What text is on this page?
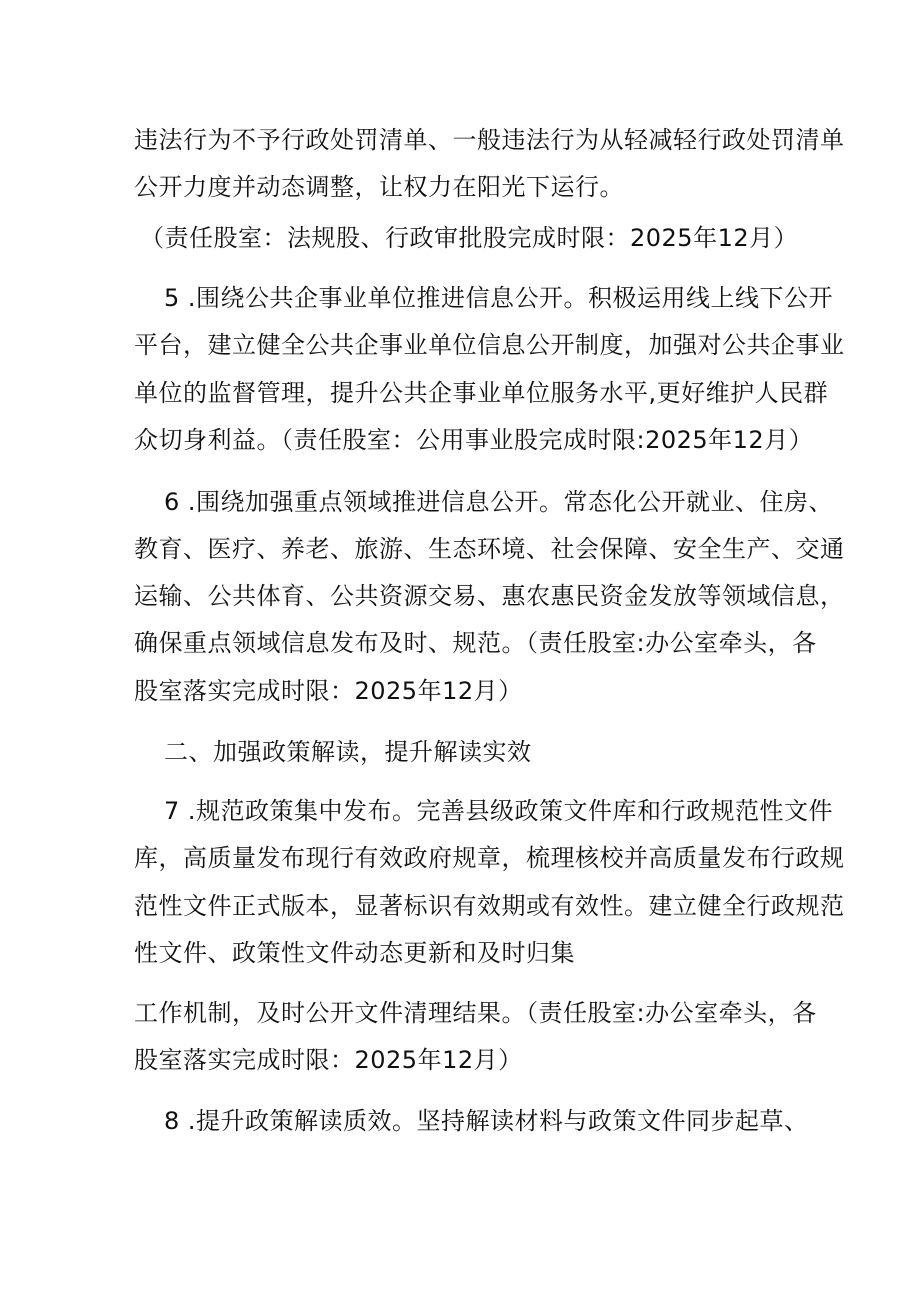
违法行为不予行政处罚清单、一般违法行为从轻减轻行政处罚清单
公开力度并动态调整，让权力在阳光下运行。
（责任股室：法规股、行政审批股完成时限：2025年12月）
5 .围绕公共企事业单位推进信息公开。积极运用线上线下公开
平台，建立健全公共企事业单位信息公开制度，加强对公共企事业
单位的监督管理，提升公共企事业单位服务水平,更好维护人民群
众切身利益。（责任股室：公用事业股完成时限:2025年12月）
6 .围绕加强重点领域推进信息公开。常态化公开就业、住房、
教育、医疗、养老、旅游、生态环境、社会保障、安全生产、交通
运输、公共体育、公共资源交易、惠农惠民资金发放等领域信息，
确保重点领域信息发布及时、规范。（责任股室:办公室牵头，各
股室落实完成时限：2025年12月）
二、加强政策解读，提升解读实效
7 .规范政策集中发布。完善县级政策文件库和行政规范性文件
库，高质量发布现行有效政府规章，梳理核校并高质量发布行政规
范性文件正式版本，显著标识有效期或有效性。建立健全行政规范
性文件、政策性文件动态更新和及时归集
工作机制，及时公开文件清理结果。（责任股室:办公室牵头，各
股室落实完成时限：2025年12月）
8 .提升政策解读质效。坚持解读材料与政策文件同步起草、
